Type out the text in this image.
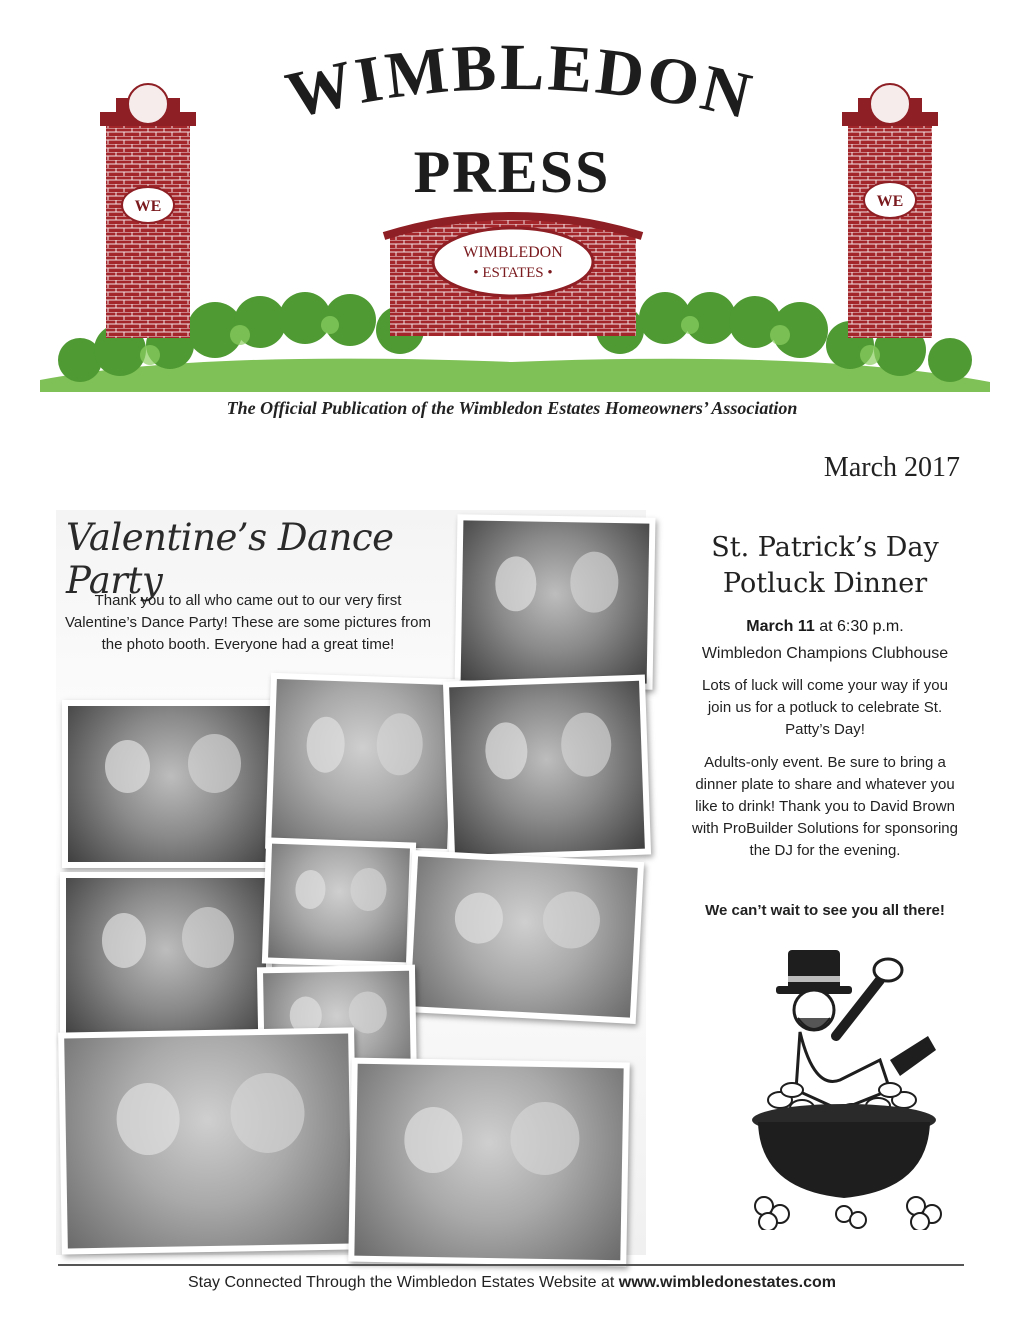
WE	WE
WIMBLEDON
• ESTATES •
WIMBLEDON
PRESS
The Official Publication of the Wimbledon Estates Homeowners’ Association
March 2017
Valentine’s Dance Party
Thank you to all who came out to our very first Valentine’s Dance Party! These are some pictures from the photo booth. Everyone had a great time!
St. Patrick’s Day
Potluck Dinner
March 11 at 6:30 p.m.
Wimbledon Champions Clubhouse
Lots of luck will come your way if you join us for a potluck to celebrate St. Patty’s Day!
Adults-only event. Be sure to bring a dinner plate to share and whatever you like to drink! Thank you to David Brown with ProBuilder Solutions for sponsoring the DJ for the evening.
We can’t wait to see you all there!
Stay Connected Through the Wimbledon Estates Website at www.wimbledonestates.com
